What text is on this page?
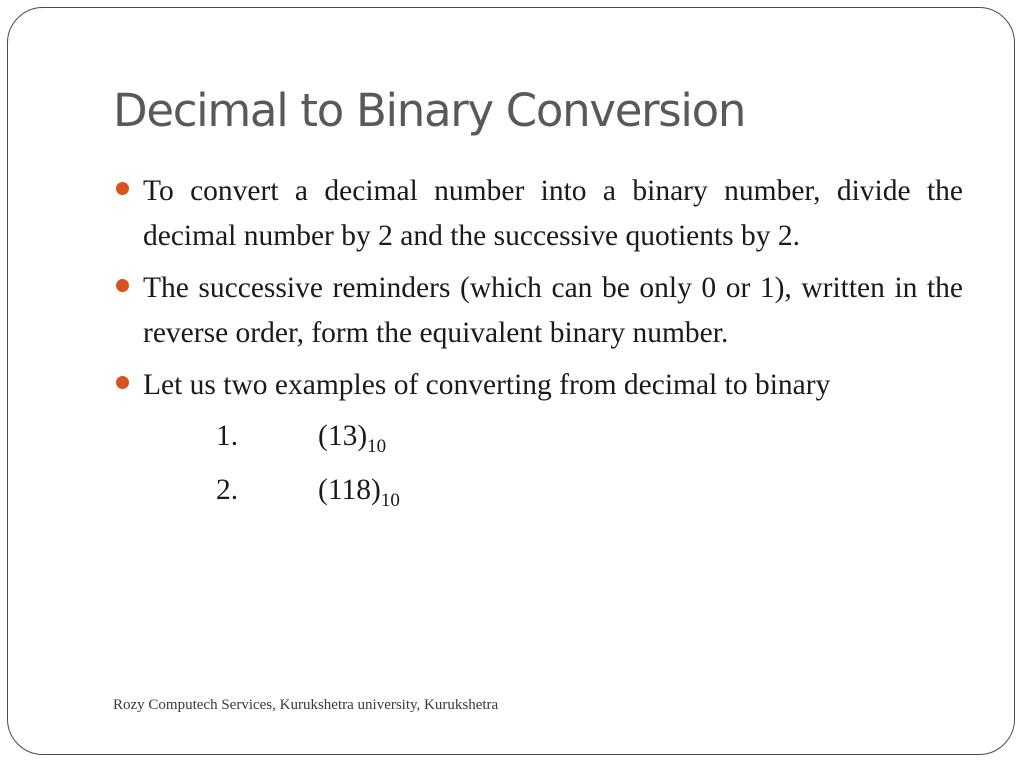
Decimal to Binary Conversion
To convert a decimal number into a binary number, divide the decimal number by 2 and the successive quotients by 2.
The successive reminders (which can be only 0 or 1), written in the reverse order, form the equivalent binary number.
Let us two examples of converting from decimal to binary
1.	$(13)_{10}$
2.	$(118)_{10}$
Rozy Computech Services, Kurukshetra university, Kurukshetra
